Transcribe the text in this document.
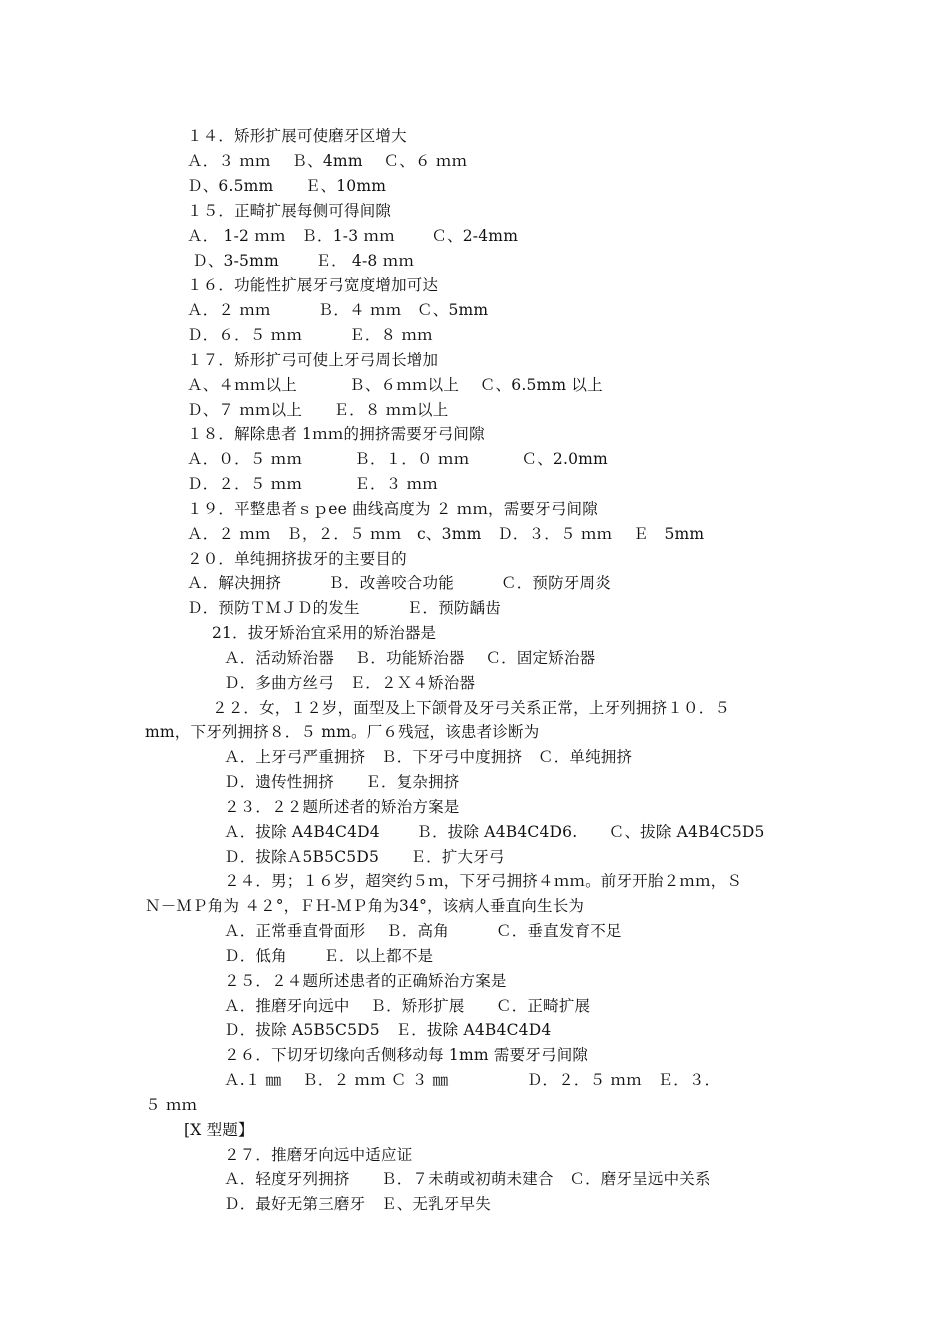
１４．矫形扩展可使磨牙区增大
Ａ．３ ｍｍ　 Ｂ、4mm　 Ｃ、６ ｍｍ
Ｄ、6.5mm　　Ｅ、10mm
１５．正畸扩展每侧可得间隙
Ａ． 1-2 ｍｍ　Ｂ．1-3 ｍｍ　　 Ｃ、2-4mm
Ｄ、3-5mm　　 Ｅ． 4-8 ｍｍ
１６．功能性扩展牙弓宽度增加可达
Ａ．２ ｍｍ　　　Ｂ．４ ｍｍ　Ｃ、5mm
Ｄ．６．５ ｍｍ　　　Ｅ．８ ｍｍ
１７．矫形扩弓可使上牙弓周长增加
Ａ、４ｍｍ以上　　　 Ｂ、６ｍｍ以上　 Ｃ、6.5mm 以上
Ｄ、７ ｍｍ以上　　Ｅ．８ ｍｍ以上
１８．解除患者 1ｍｍ的拥挤需要牙弓间隙
Ａ．０．５ ｍｍ　　　 Ｂ．１．０ ｍｍ　　　 Ｃ、2.0mm
Ｄ．２．５ ｍｍ　　　 Ｅ．３ ｍｍ
１９．平整患者ｓｐee 曲线高度为 ２ ｍｍ，需要牙弓间隙
Ａ．２ ｍｍ　Ｂ，２．５ ｍｍ　c、3mm　Ｄ．３．５ ｍｍ　 Ｅ　5mm
２０．单纯拥挤拔牙的主要目的
Ａ．解决拥挤　　　Ｂ．改善咬合功能　　　Ｃ．预防牙周炎
Ｄ．预防ＴＭＪＤ的发生　　　Ｅ．预防龋齿
21．拔牙矫治宜采用的矫治器是
Ａ．活动矫治器　 Ｂ．功能矫治器　 Ｃ．固定矫治器
Ｄ．多曲方丝弓　Ｅ．２Ｘ４矫治器
２２．女，１２岁，面型及上下颌骨及牙弓关系正常，上牙列拥挤１０．５
mm，下牙列拥挤８．５ mm。厂６残冠，该患者诊断为
Ａ．上牙弓严重拥挤　Ｂ．下牙弓中度拥挤　Ｃ．单纯拥挤
Ｄ．遗传性拥挤　　Ｅ．复杂拥挤
２３．２２题所述者的矫治方案是
Ａ．拔除 A4B4C4D4　　 Ｂ．拔除 A4B4C4D6.　　Ｃ、拔除 A4B4C5D5
Ｄ．拔除Ａ5B5C5D5　　Ｅ．扩大牙弓
２４．男；１６岁，超突约５ｍ，下牙弓拥挤４ｍｍ。前牙开胎２ｍｍ，Ｓ
Ｎ－ＭＰ角为 ４２°，ＦＨ-ＭＰ角为34°，该病人垂直向生长为
Ａ．正常垂直骨面形　 Ｂ．高角　　　Ｃ．垂直发育不足
Ｄ．低角　　 Ｅ．以上都不是
２５．２４题所述患者的正确矫治方案是
Ａ．推磨牙向远中　 Ｂ．矫形扩展　　Ｃ．正畸扩展
Ｄ．拔除 A5B5C5D5　Ｅ．拔除 A4B4C4D4
２６．下切牙切缘向舌侧移动每 1mm 需要牙弓间隙
Ａ.１ ㎜　 Ｂ．２ ｍｍ Ｃ ３ ㎜　　　　　Ｄ．２．５ ｍｍ　Ｅ．３．
５ ｍｍ
[X 型题】
２７．推磨牙向远中适应证
Ａ．轻度牙列拥挤　　Ｂ．７未萌或初萌未建合　Ｃ．磨牙呈远中关系
Ｄ．最好无第三磨牙　Ｅ、无乳牙早失
